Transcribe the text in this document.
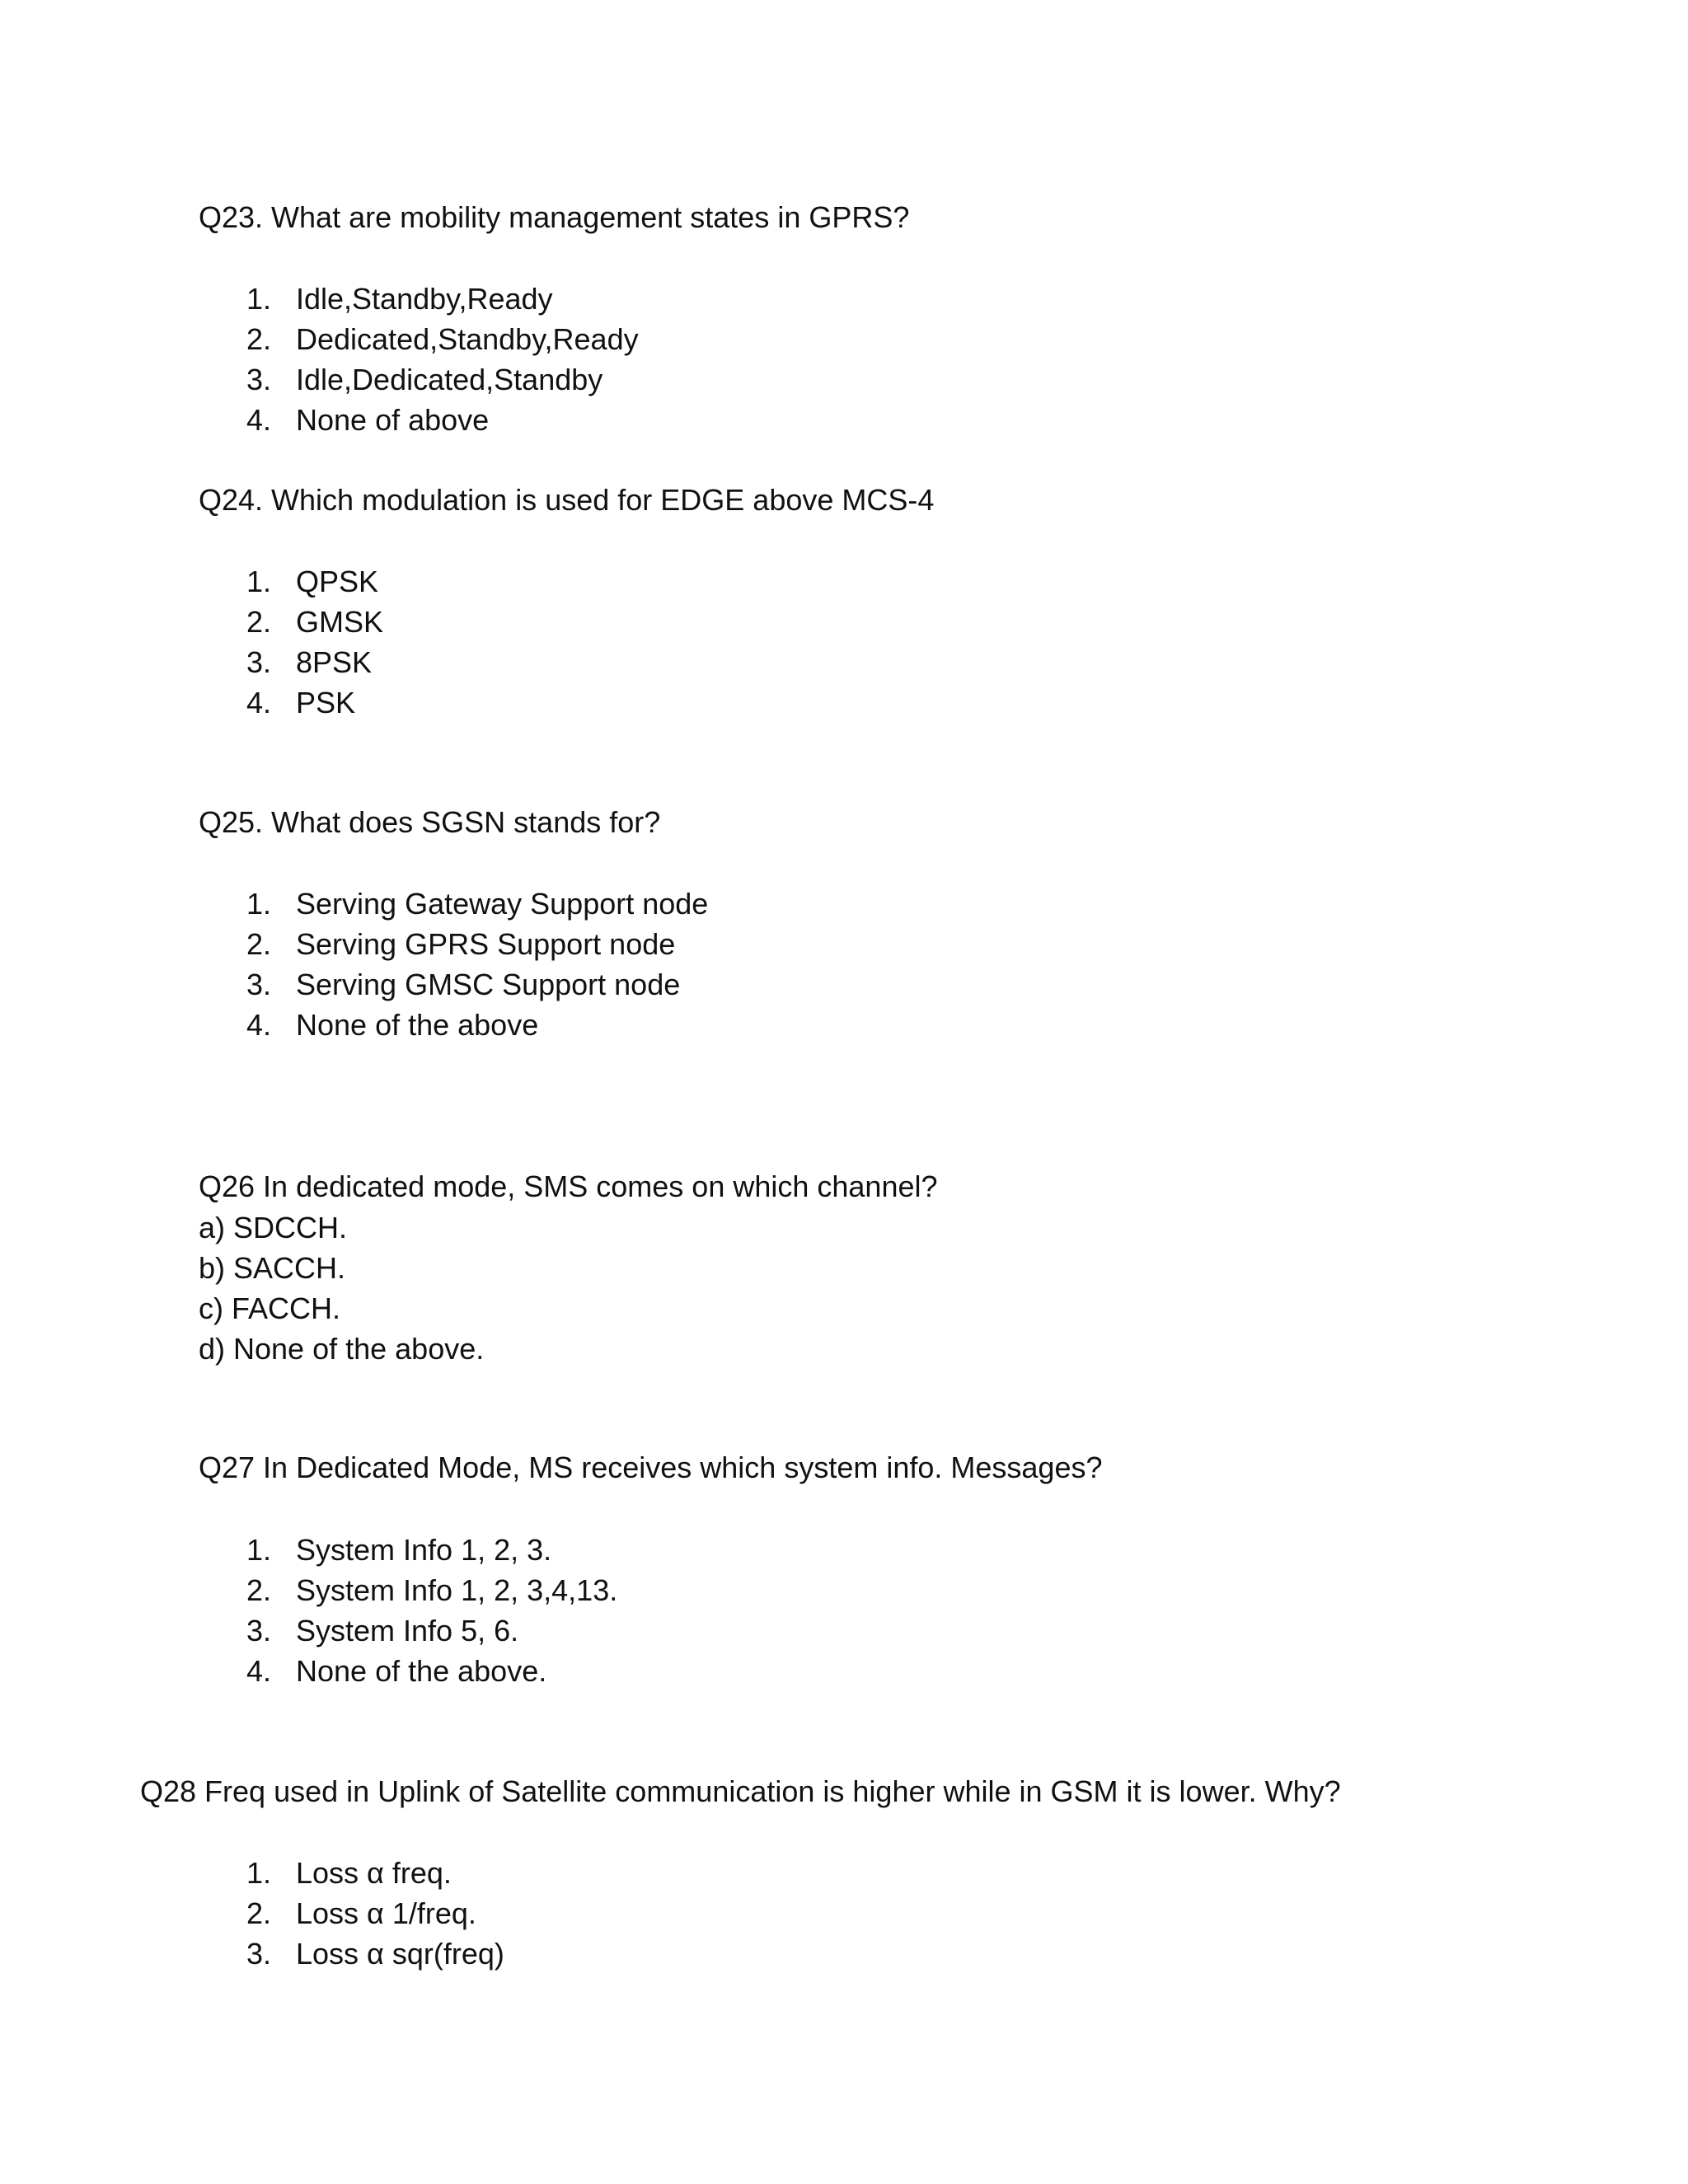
Q23. What are mobility management states in GPRS?
1. Idle,Standby,Ready
2. Dedicated,Standby,Ready
3. Idle,Dedicated,Standby
4. None of above
Q24. Which modulation is used for EDGE above MCS-4
1. QPSK
2. GMSK
3. 8PSK
4. PSK
Q25. What does SGSN stands for?
1. Serving Gateway Support node
2. Serving GPRS Support node
3. Serving GMSC Support node
4. None of the above
Q26 In dedicated mode, SMS comes on which channel?
a) SDCCH.
b) SACCH.
c) FACCH.
d) None of the above.
Q27 In Dedicated Mode, MS receives which system info. Messages?
1. System Info 1, 2, 3.
2. System Info 1, 2, 3,4,13.
3. System Info 5, 6.
4. None of the above.
Q28 Freq used in Uplink of Satellite communication is higher while in GSM it is lower. Why?
1. Loss α freq.
2. Loss α 1/freq.
3. Loss α sqr(freq)
